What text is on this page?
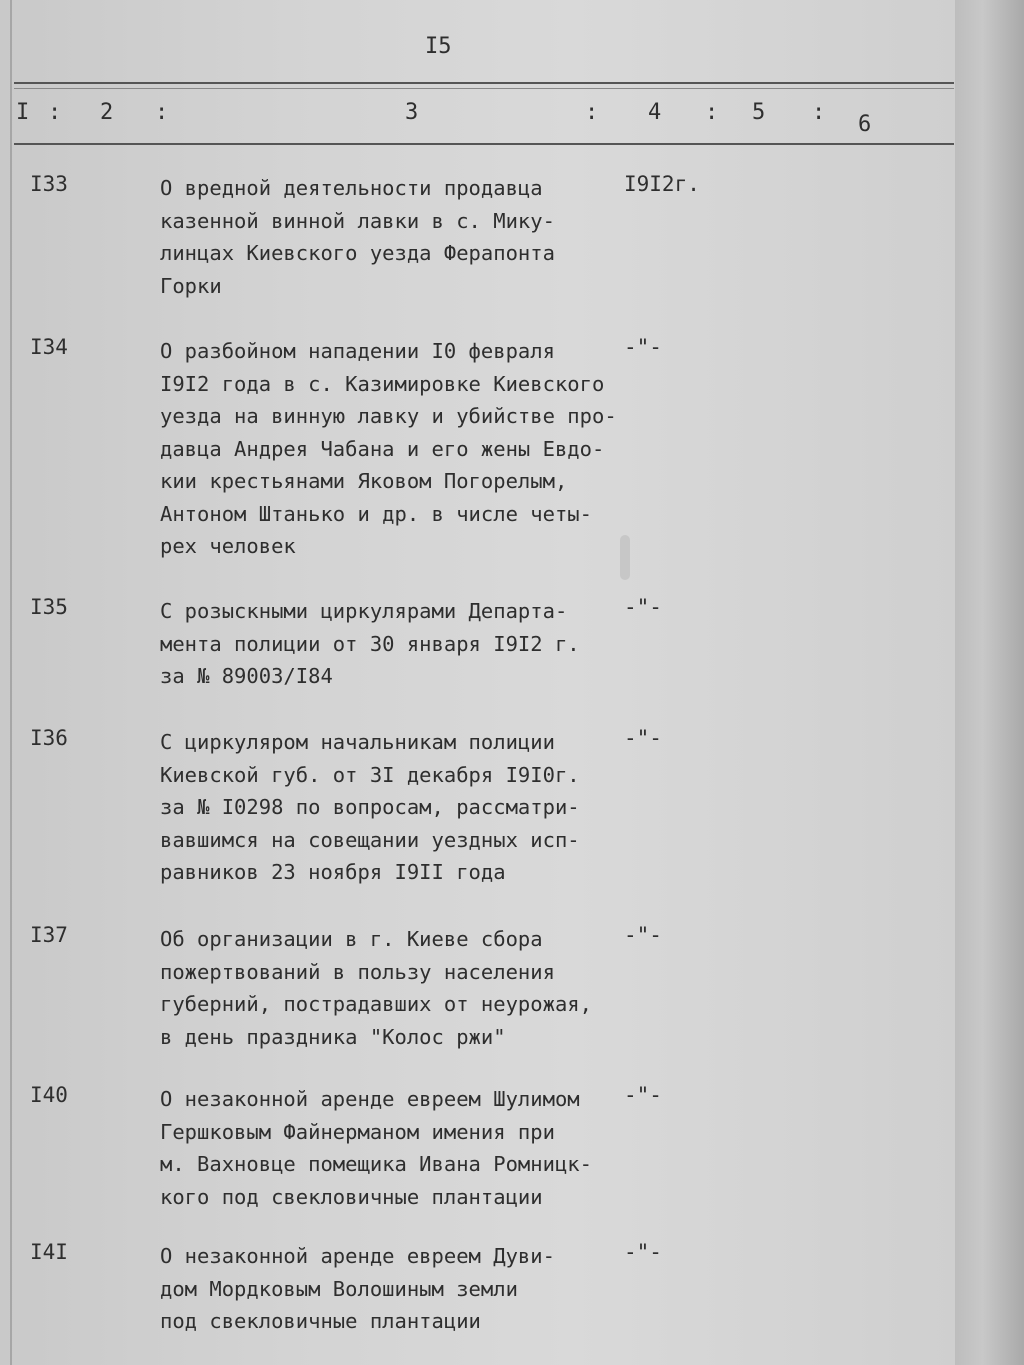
I5
I : 2 :	3	: 4 : 5 : 6
I33	О вредной деятельности продавца
казенной винной лавки в с. Мику-
линцах Киевского уезда Ферапонта
Горки
I9I2г.
I34	О разбойном нападении I0 февраля
I9I2 года в с. Казимировке Киевского
уезда на винную лавку и убийстве про-
давца Андрея Чабана и его жены Евдо-
кии крестьянами Яковом Погорелым,
Антоном Штанько и др. в числе четы-
рех человек
-"-
I35	С розыскными циркулярами Департа-
мента полиции от 30 января I9I2 г.
за № 89003/I84
-"-
I36	С циркуляром начальникам полиции
Киевской губ. от 3I декабря I9I0г.
за № I0298 по вопросам, рассматри-
вавшимся на совещании уездных исп-
равников 23 ноября I9II года
-"-
I37	Об организации в г. Киеве сбора
пожертвований в пользу населения
губерний, пострадавших от неурожая,
в день праздника "Колос ржи"
-"-
I40	О незаконной аренде евреем Шулимом
Гершковым Файнерманом имения при
м. Вахновце помещика Ивана Ромницк-
кого под свекловичные плантации
-"-
I4I	О незаконной аренде евреем Дуви-
дом Мордковым Волошиным земли
под свекловичные плантации
-"-
